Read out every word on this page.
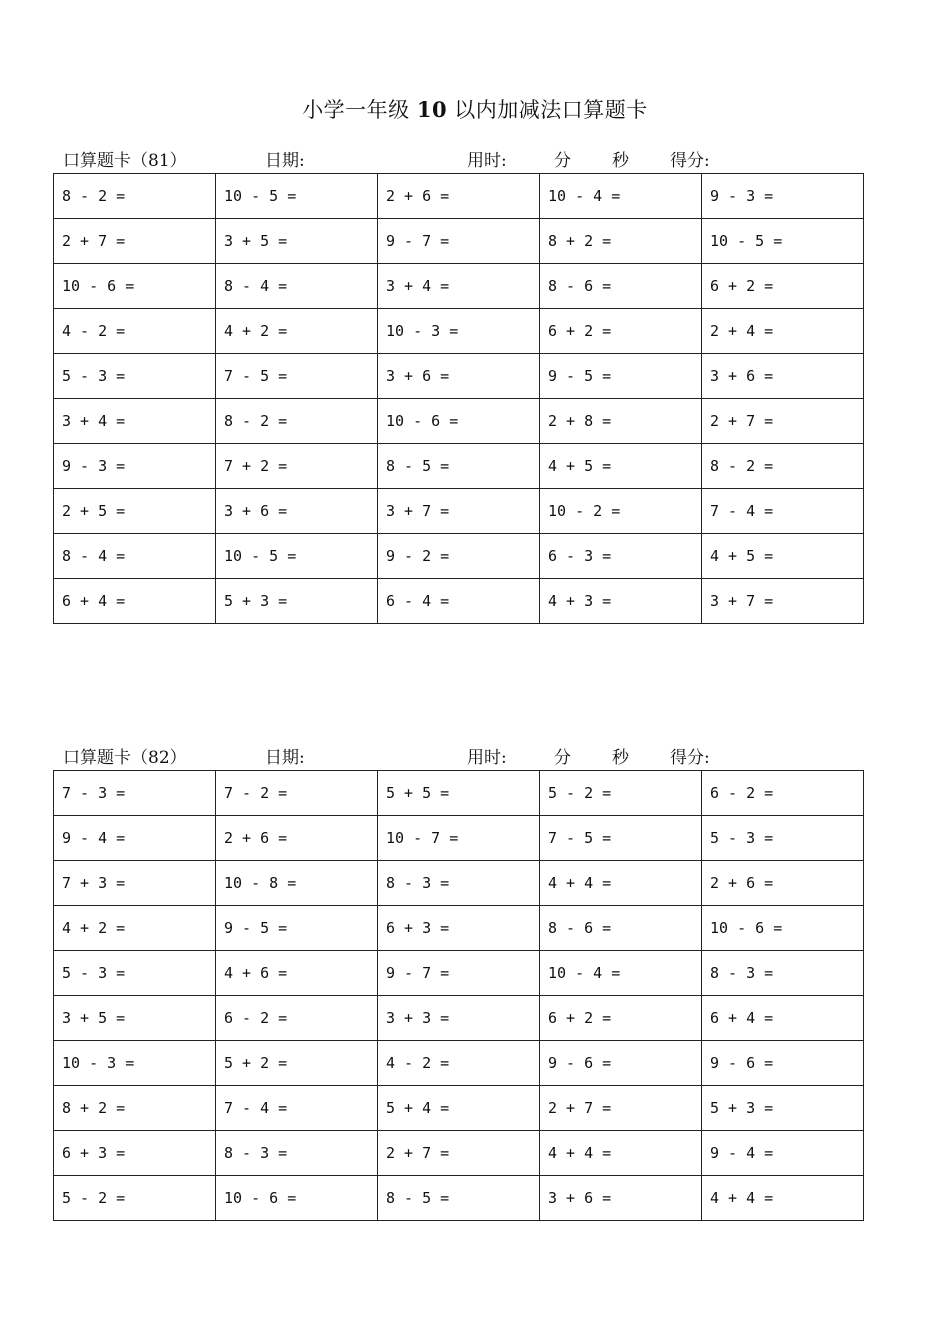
小学一年级 10 以内加减法口算题卡
口算题卡（81）	日期:	用时:	分 秒 得分:
8 - 2 =	10 - 5 =	2 + 6 =	10 - 4 =	9 - 3 =
2 + 7 =	3 + 5 =	9 - 7 =	8 + 2 =	10 - 5 =
10 - 6 =	8 - 4 =	3 + 4 =	8 - 6 =	6 + 2 =
4 - 2 =	4 + 2 =	10 - 3 =	6 + 2 =	2 + 4 =
5 - 3 =	7 - 5 =	3 + 6 =	9 - 5 =	3 + 6 =
3 + 4 =	8 - 2 =	10 - 6 =	2 + 8 =	2 + 7 =
9 - 3 =	7 + 2 =	8 - 5 =	4 + 5 =	8 - 2 =
2 + 5 =	3 + 6 =	3 + 7 =	10 - 2 =	7 - 4 =
8 - 4 =	10 - 5 =	9 - 2 =	6 - 3 =	4 + 5 =
6 + 4 =	5 + 3 =	6 - 4 =	4 + 3 =	3 + 7 =
口算题卡（82）	日期:	用时:	分 秒 得分:
7 - 3 =	7 - 2 =	5 + 5 =	5 - 2 =	6 - 2 =
9 - 4 =	2 + 6 =	10 - 7 =	7 - 5 =	5 - 3 =
7 + 3 =	10 - 8 =	8 - 3 =	4 + 4 =	2 + 6 =
4 + 2 =	9 - 5 =	6 + 3 =	8 - 6 =	10 - 6 =
5 - 3 =	4 + 6 =	9 - 7 =	10 - 4 =	8 - 3 =
3 + 5 =	6 - 2 =	3 + 3 =	6 + 2 =	6 + 4 =
10 - 3 =	5 + 2 =	4 - 2 =	9 - 6 =	9 - 6 =
8 + 2 =	7 - 4 =	5 + 4 =	2 + 7 =	5 + 3 =
6 + 3 =	8 - 3 =	2 + 7 =	4 + 4 =	9 - 4 =
5 - 2 =	10 - 6 =	8 - 5 =	3 + 6 =	4 + 4 =
